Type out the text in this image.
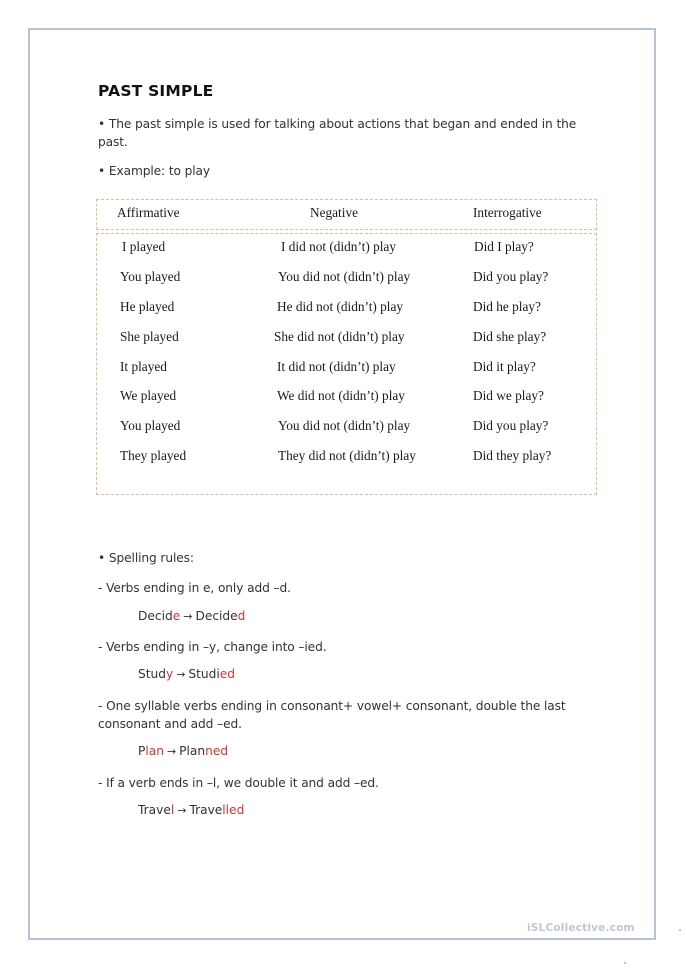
PAST SIMPLE
• The past simple is used for talking about actions that began and ended in the past.
• Example: to play
Affirmative	Negative	Interrogative
I played	I did not (didn’t) play	Did I play?
You played	You did not (didn’t) play	Did you play?
He played	He did not (didn’t) play	Did he play?
She played	She did not (didn’t) play	Did she play?
It played	It did not (didn’t) play	Did it play?
We played	We did not (didn’t) play	Did we play?
You played	You did not (didn’t) play	Did you play?
They played	They did not (didn’t) play	Did they play?
• Spelling rules:
- Verbs ending in e, only add –d.
Decide → Decided
- Verbs ending in –y, change into –ied.
Study → Studied
- One syllable verbs ending in consonant+ vowel+ consonant, double the last consonant and add –ed.
Plan → Planned
- If a verb ends in –l, we double it and add –ed.
Travel → Travelled
iSLCollective.com
